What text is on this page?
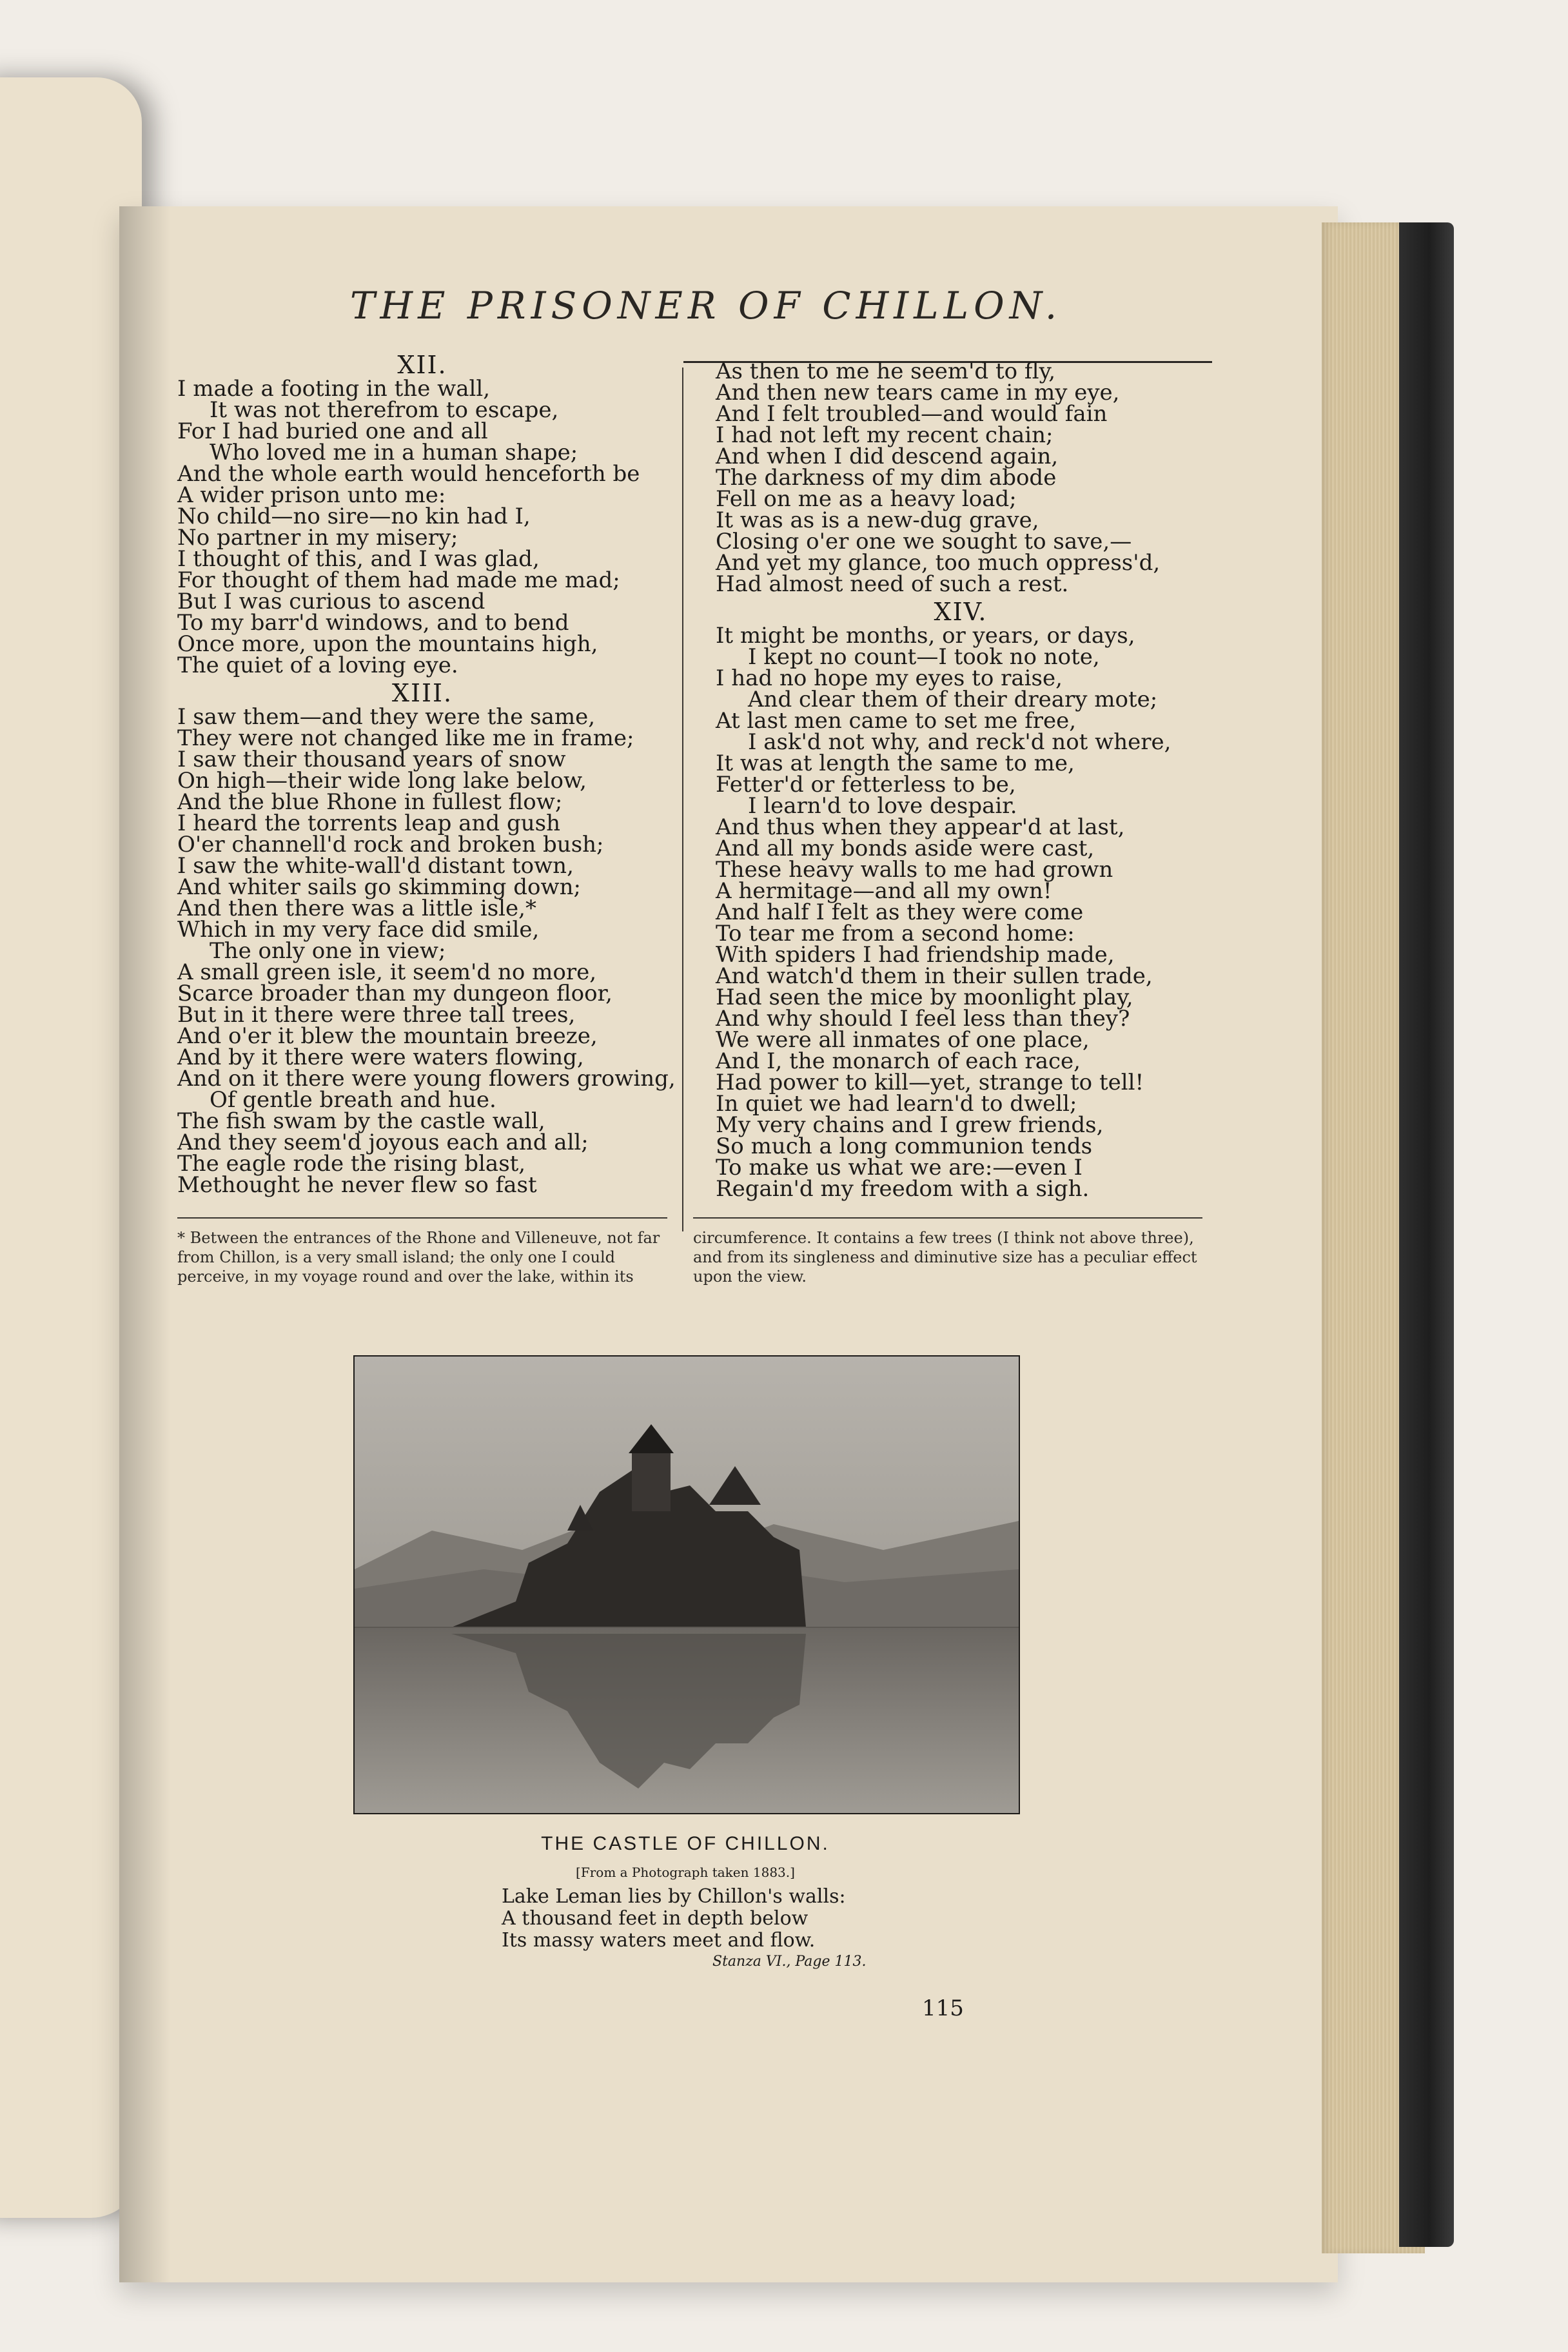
THE PRISONER OF CHILLON.
XII.
I made a footing in the wall,
It was not therefrom to escape,
For I had buried one and all
Who loved me in a human shape;
And the whole earth would henceforth be
A wider prison unto me:
No child—no sire—no kin had I,
No partner in my misery;
I thought of this, and I was glad,
For thought of them had made me mad;
But I was curious to ascend
To my barr'd windows, and to bend
Once more, upon the mountains high,
The quiet of a loving eye.
XIII.
I saw them—and they were the same,
They were not changed like me in frame;
I saw their thousand years of snow
On high—their wide long lake below,
And the blue Rhone in fullest flow;
I heard the torrents leap and gush
O'er channell'd rock and broken bush;
I saw the white-wall'd distant town,
And whiter sails go skimming down;
And then there was a little isle,*
Which in my very face did smile,
The only one in view;
A small green isle, it seem'd no more,
Scarce broader than my dungeon floor,
But in it there were three tall trees,
And o'er it blew the mountain breeze,
And by it there were waters flowing,
And on it there were young flowers growing,
Of gentle breath and hue.
The fish swam by the castle wall,
And they seem'd joyous each and all;
The eagle rode the rising blast,
Methought he never flew so fast
As then to me he seem'd to fly,
And then new tears came in my eye,
And I felt troubled—and would fain
I had not left my recent chain;
And when I did descend again,
The darkness of my dim abode
Fell on me as a heavy load;
It was as is a new-dug grave,
Closing o'er one we sought to save,—
And yet my glance, too much oppress'd,
Had almost need of such a rest.
XIV.
It might be months, or years, or days,
I kept no count—I took no note,
I had no hope my eyes to raise,
And clear them of their dreary mote;
At last men came to set me free,
I ask'd not why, and reck'd not where,
It was at length the same to me,
Fetter'd or fetterless to be,
I learn'd to love despair.
And thus when they appear'd at last,
And all my bonds aside were cast,
These heavy walls to me had grown
A hermitage—and all my own!
And half I felt as they were come
To tear me from a second home:
With spiders I had friendship made,
And watch'd them in their sullen trade,
Had seen the mice by moonlight play,
And why should I feel less than they?
We were all inmates of one place,
And I, the monarch of each race,
Had power to kill—yet, strange to tell!
In quiet we had learn'd to dwell;
My very chains and I grew friends,
So much a long communion tends
To make us what we are:—even I
Regain'd my freedom with a sigh.
* Between the entrances of the Rhone and Villeneuve, not far from Chillon, is a very small island; the only one I could perceive, in my voyage round and over the lake, within its
circumference. It contains a few trees (I think not above three), and from its singleness and diminutive size has a peculiar effect upon the view.
THE CASTLE OF CHILLON.
[From a Photograph taken 1883.]
Lake Leman lies by Chillon's walls:
A thousand feet in depth below
Its massy waters meet and flow.
Stanza VI., Page 113.
115
